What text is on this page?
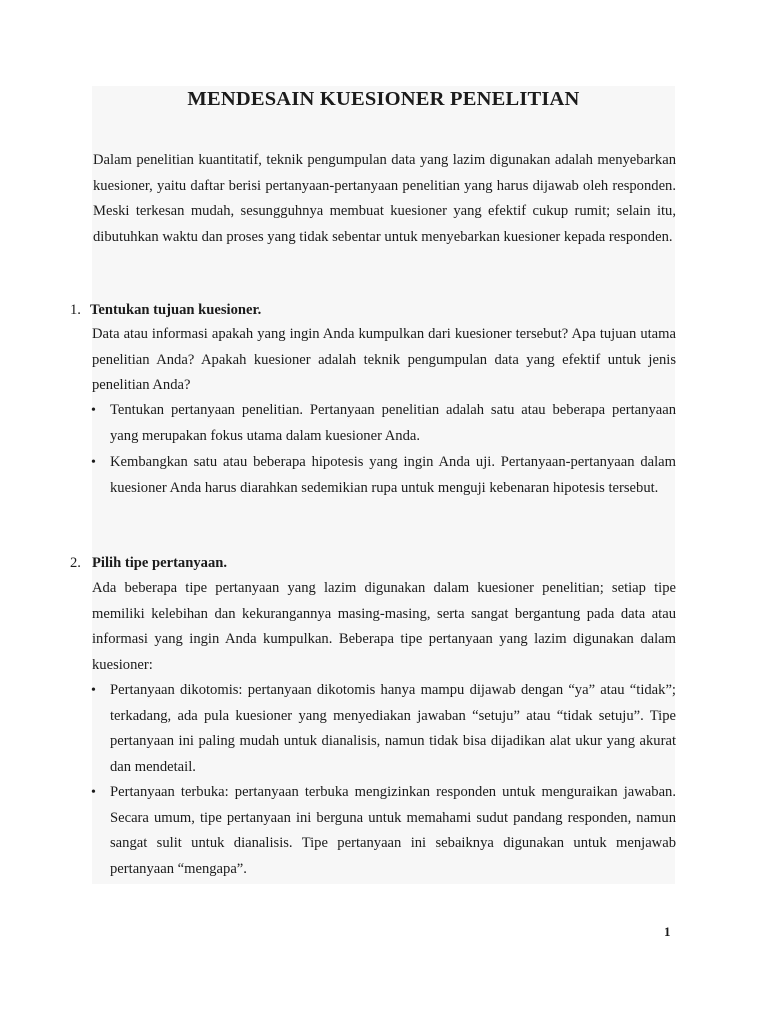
MENDESAIN KUESIONER PENELITIAN

Dalam penelitian kuantitatif, teknik pengumpulan data yang lazim digunakan adalah menyebarkan kuesioner, yaitu daftar berisi pertanyaan-pertanyaan penelitian yang harus dijawab oleh responden. Meski terkesan mudah, sesungguhnya membuat kuesioner yang efektif cukup rumit; selain itu, dibutuhkan waktu dan proses yang tidak sebentar untuk menyebarkan kuesioner kepada responden.

1. Tentukan tujuan kuesioner.

Data atau informasi apakah yang ingin Anda kumpulkan dari kuesioner tersebut? Apa tujuan utama penelitian Anda? Apakah kuesioner adalah teknik pengumpulan data yang efektif untuk jenis penelitian Anda?

• Tentukan pertanyaan penelitian. Pertanyaan penelitian adalah satu atau beberapa pertanyaan yang merupakan fokus utama dalam kuesioner Anda.

• Kembangkan satu atau beberapa hipotesis yang ingin Anda uji. Pertanyaan-pertanyaan dalam kuesioner Anda harus diarahkan sedemikian rupa untuk menguji kebenaran hipotesis tersebut.

2. Pilih tipe pertanyaan.

Ada beberapa tipe pertanyaan yang lazim digunakan dalam kuesioner penelitian; setiap tipe memiliki kelebihan dan kekurangannya masing-masing, serta sangat bergantung pada data atau informasi yang ingin Anda kumpulkan. Beberapa tipe pertanyaan yang lazim digunakan dalam kuesioner:

• Pertanyaan dikotomis: pertanyaan dikotomis hanya mampu dijawab dengan “ya” atau “tidak”; terkadang, ada pula kuesioner yang menyediakan jawaban “setuju” atau “tidak setuju”. Tipe pertanyaan ini paling mudah untuk dianalisis, namun tidak bisa dijadikan alat ukur yang akurat dan mendetail.

• Pertanyaan terbuka: pertanyaan terbuka mengizinkan responden untuk menguraikan jawaban. Secara umum, tipe pertanyaan ini berguna untuk memahami sudut pandang responden, namun sangat sulit untuk dianalisis. Tipe pertanyaan ini sebaiknya digunakan untuk menjawab pertanyaan “mengapa”.

1
